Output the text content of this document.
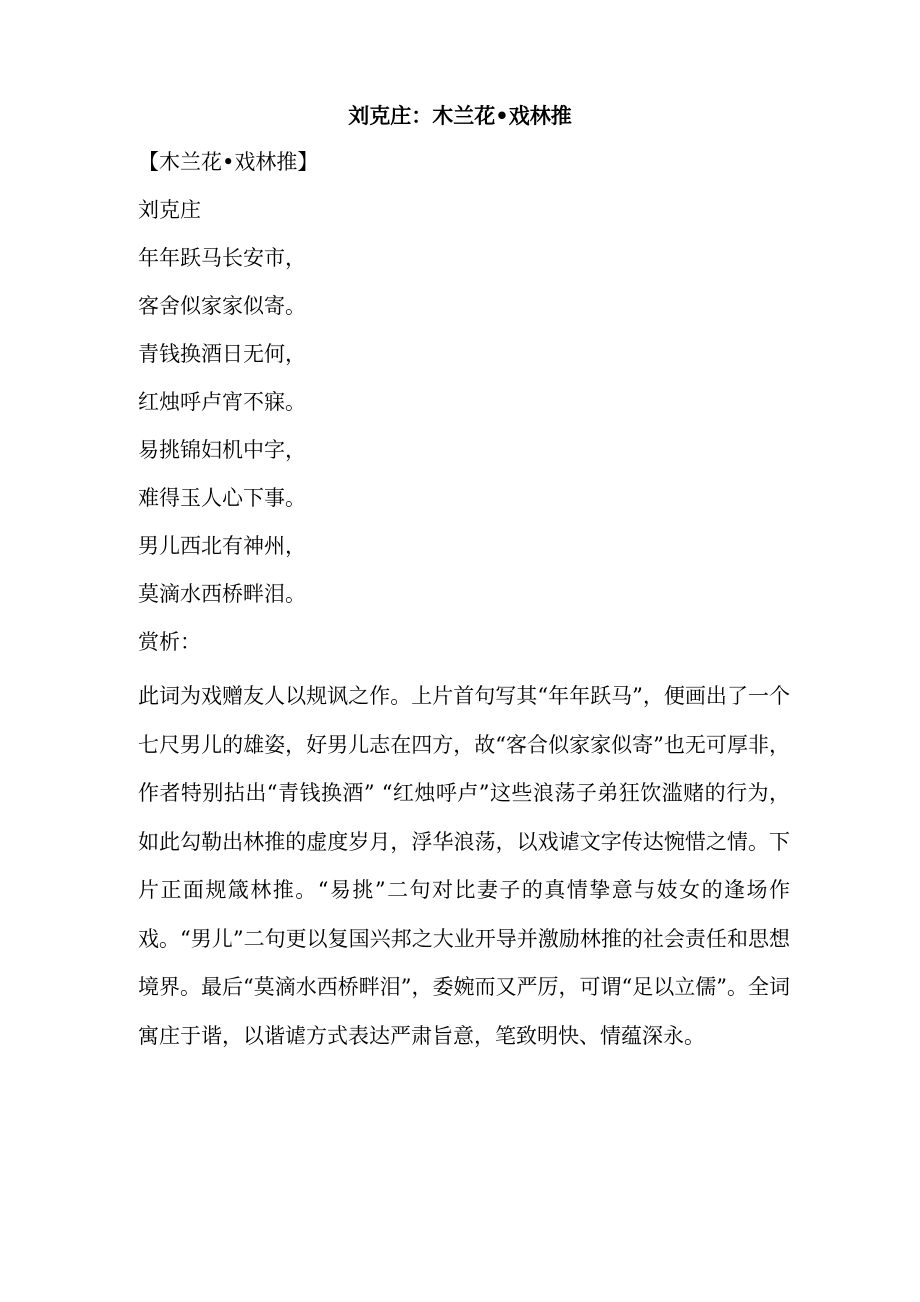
刘克庄：木兰花•戏林推
【木兰花•戏林推】
刘克庄
年年跃马长安市，
客舍似家家似寄。
青钱换酒日无何，
红烛呼卢宵不寐。
易挑锦妇机中字，
难得玉人心下事。
男儿西北有神州，
莫滴水西桥畔泪。
赏析：
此词为戏赠友人以规讽之作。上片首句写其“年年跃马”，便画出了一个七尺男儿的雄姿，好男儿志在四方，故“客合似家家似寄”也无可厚非，作者特别拈出“青钱换酒” “红烛呼卢”这些浪荡子弟狂饮滥赌的行为，如此勾勒出林推的虚度岁月，浮华浪荡，以戏谑文字传达惋惜之情。下片正面规箴林推。“易挑”二句对比妻子的真情挚意与妓女的逢场作戏。“男儿”二句更以复国兴邦之大业开导并激励林推的社会责任和思想境界。最后“莫滴水西桥畔泪”，委婉而又严厉，可谓“足以立儒”。全词寓庄于谐，以谐谑方式表达严肃旨意，笔致明快、情蕴深永。
